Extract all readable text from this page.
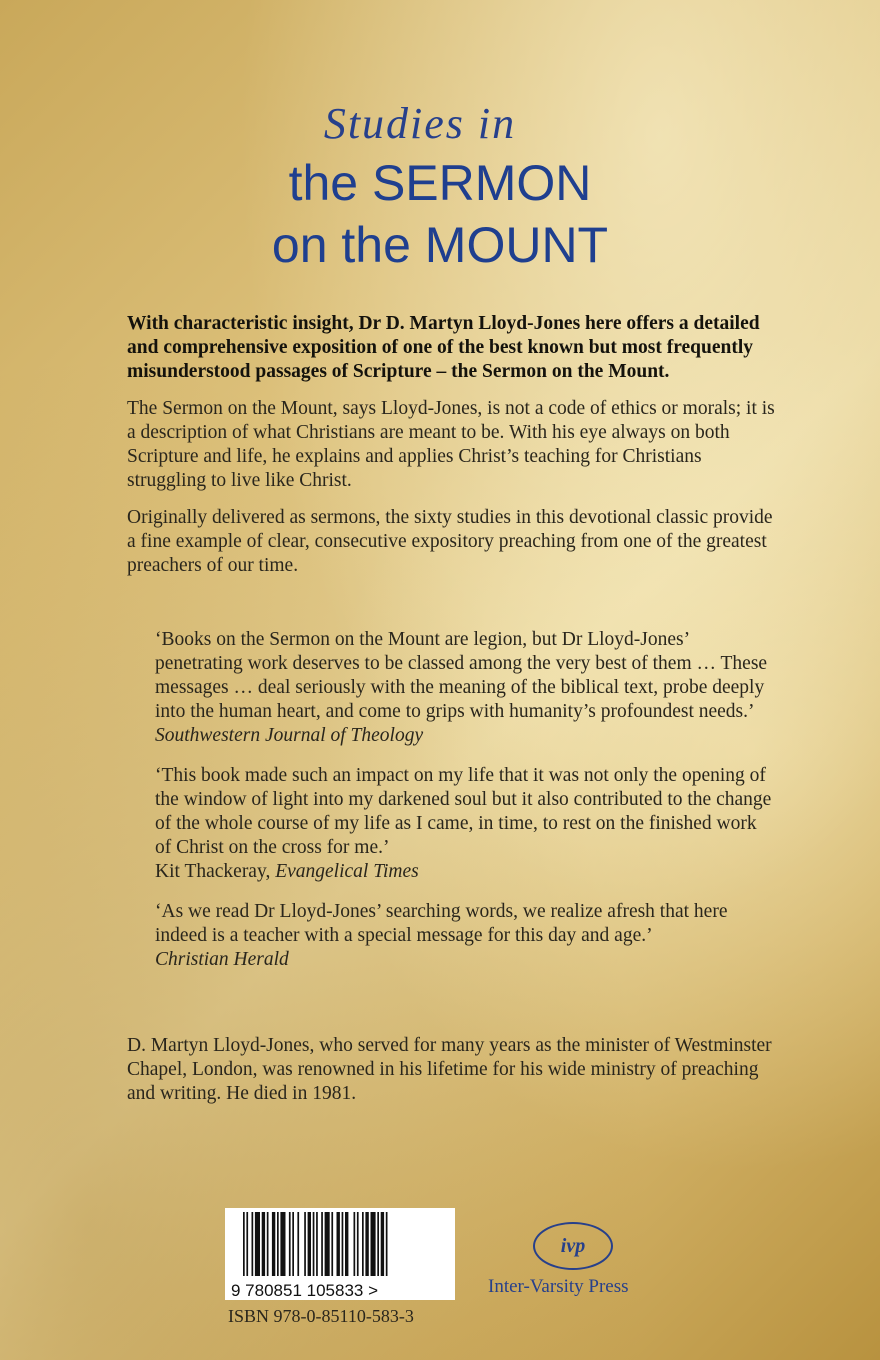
Studies in
the SERMON
on the MOUNT

With characteristic insight, Dr D. Martyn Lloyd-Jones here offers a detailed and comprehensive exposition of one of the best known but most frequently misunderstood passages of Scripture – the Sermon on the Mount.

The Sermon on the Mount, says Lloyd-Jones, is not a code of ethics or morals; it is a description of what Christians are meant to be. With his eye always on both Scripture and life, he explains and applies Christ’s teaching for Christians struggling to live like Christ.

Originally delivered as sermons, the sixty studies in this devotional classic provide a fine example of clear, consecutive expository preaching from one of the greatest preachers of our time.

‘Books on the Sermon on the Mount are legion, but Dr Lloyd-Jones’ penetrating work deserves to be classed among the very best of them … These messages … deal seriously with the meaning of the biblical text, probe deeply into the human heart, and come to grips with humanity’s profoundest needs.’

Southwestern Journal of Theology

‘This book made such an impact on my life that it was not only the opening of the window of light into my darkened soul but it also contributed to the change of the whole course of my life as I came, in time, to rest on the finished work of Christ on the cross for me.’

Kit Thackeray, Evangelical Times

‘As we read Dr Lloyd-Jones’ searching words, we realize afresh that here indeed is a teacher with a special message for this day and age.’

Christian Herald

D. Martyn Lloyd-Jones, who served for many years as the minister of Westminster Chapel, London, was renowned in his lifetime for his wide ministry of preaching and writing. He died in 1981.

9 780851 105833 >
ISBN 978-0-85110-583-3
ivp
Inter-Varsity Press
